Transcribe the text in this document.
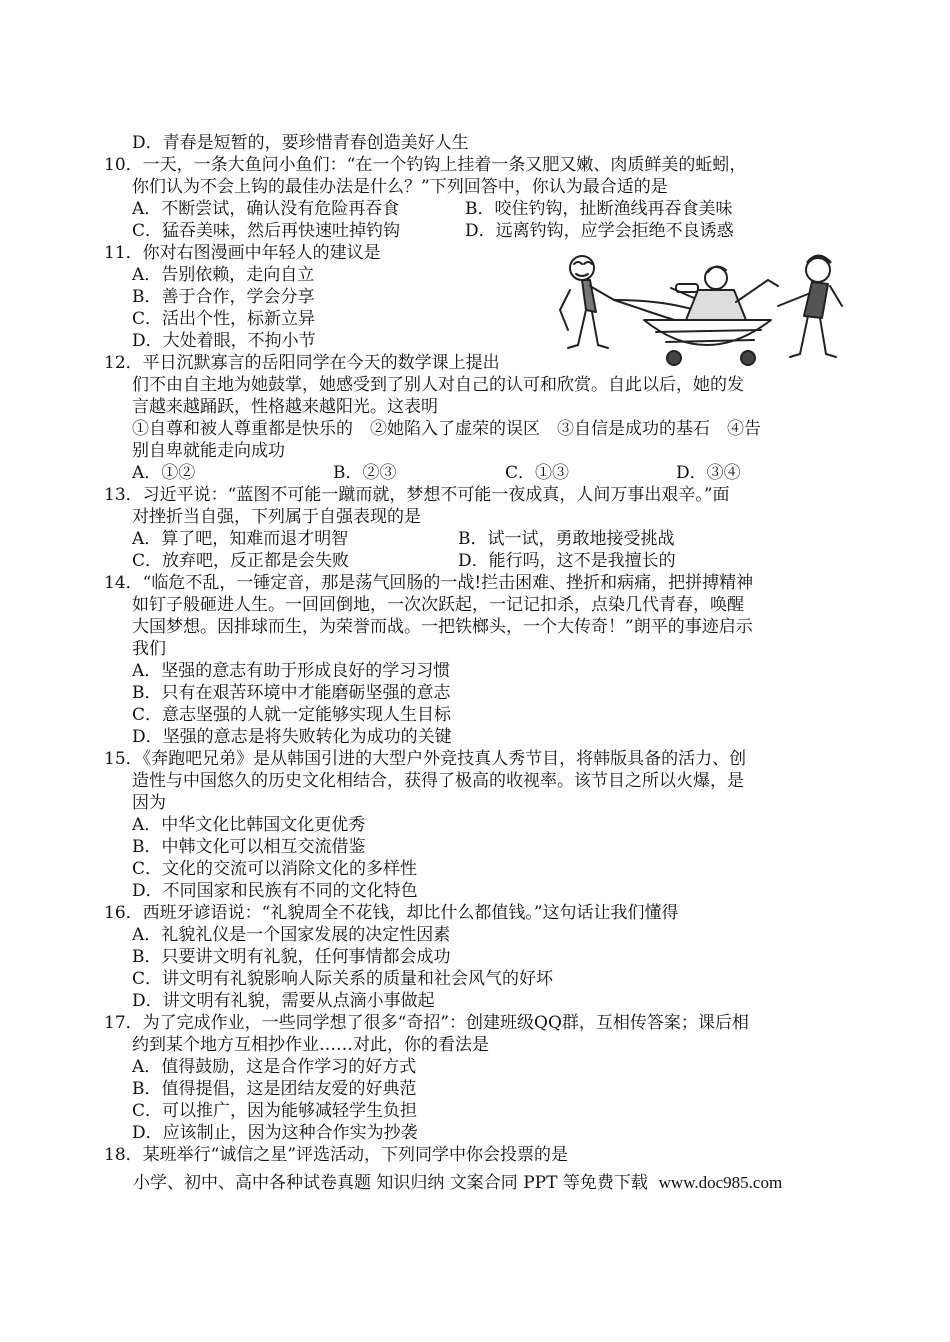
D．青春是短暂的，要珍惜青春创造美好人生
10．一天，一条大鱼问小鱼们：“在一个钓钩上挂着一条又肥又嫩、肉质鲜美的蚯蚓，
你们认为不会上钩的最佳办法是什么？”下列回答中，你认为最合适的是
A．不断尝试，确认没有危险再吞食	B．咬住钓钩，扯断渔线再吞食美味
C．猛吞美味，然后再快速吐掉钓钩	D．远离钓钩，应学会拒绝不良诱惑
11．你对右图漫画中年轻人的建议是
A．告别依赖，走向自立
B．善于合作，学会分享
C．活出个性，标新立异
D．大处着眼，不拘小节
12．平日沉默寡言的岳阳同学在今天的数学课上提出
们不由自主地为她鼓掌，她感受到了别人对自己的认可和欣赏。自此以后，她的发
言越来越踊跃，性格越来越阳光。这表明
①自尊和被人尊重都是快乐的　②她陷入了虚荣的误区　③自信是成功的基石　④告
别自卑就能走向成功
A．①②	B．②③	C．①③	D．③④
13．习近平说：“蓝图不可能一蹴而就，梦想不可能一夜成真，人间万事出艰辛。”面
对挫折当自强，下列属于自强表现的是
A．算了吧，知难而退才明智	B．试一试，勇敢地接受挑战
C．放弃吧，反正都是会失败	D．能行吗，这不是我擅长的
14．“临危不乱，一锤定音，那是荡气回肠的一战!拦击困难、挫折和病痛，把拼搏精神
如钉子般砸进人生。一回回倒地，一次次跃起，一记记扣杀，点染几代青春，唤醒
大国梦想。因排球而生，为荣誉而战。一把铁榔头，一个大传奇！”朗平的事迹启示
我们
A．坚强的意志有助于形成良好的学习习惯
B．只有在艰苦环境中才能磨砺坚强的意志
C．意志坚强的人就一定能够实现人生目标
D．坚强的意志是将失败转化为成功的关键
15．《奔跑吧兄弟》是从韩国引进的大型户外竞技真人秀节目，将韩版具备的活力、创
造性与中国悠久的历史文化相结合，获得了极高的收视率。该节目之所以火爆，是
因为
A．中华文化比韩国文化更优秀
B．中韩文化可以相互交流借鉴
C．文化的交流可以消除文化的多样性
D．不同国家和民族有不同的文化特色
16．西班牙谚语说：“礼貌周全不花钱，却比什么都值钱。”这句话让我们懂得
A．礼貌礼仪是一个国家发展的决定性因素
B．只要讲文明有礼貌，任何事情都会成功
C．讲文明有礼貌影响人际关系的质量和社会风气的好坏
D．讲文明有礼貌，需要从点滴小事做起
17．为了完成作业，一些同学想了很多“奇招”：创建班级QQ群，互相传答案；课后相
约到某个地方互相抄作业……对此，你的看法是
A．值得鼓励，这是合作学习的好方式
B．值得提倡，这是团结友爱的好典范
C．可以推广，因为能够减轻学生负担
D．应该制止，因为这种合作实为抄袭
18．某班举行“诚信之星”评选活动，下列同学中你会投票的是
小学、初中、高中各种试卷真题 知识归纳 文案合同 PPT 等免费下载 www.doc985.com
